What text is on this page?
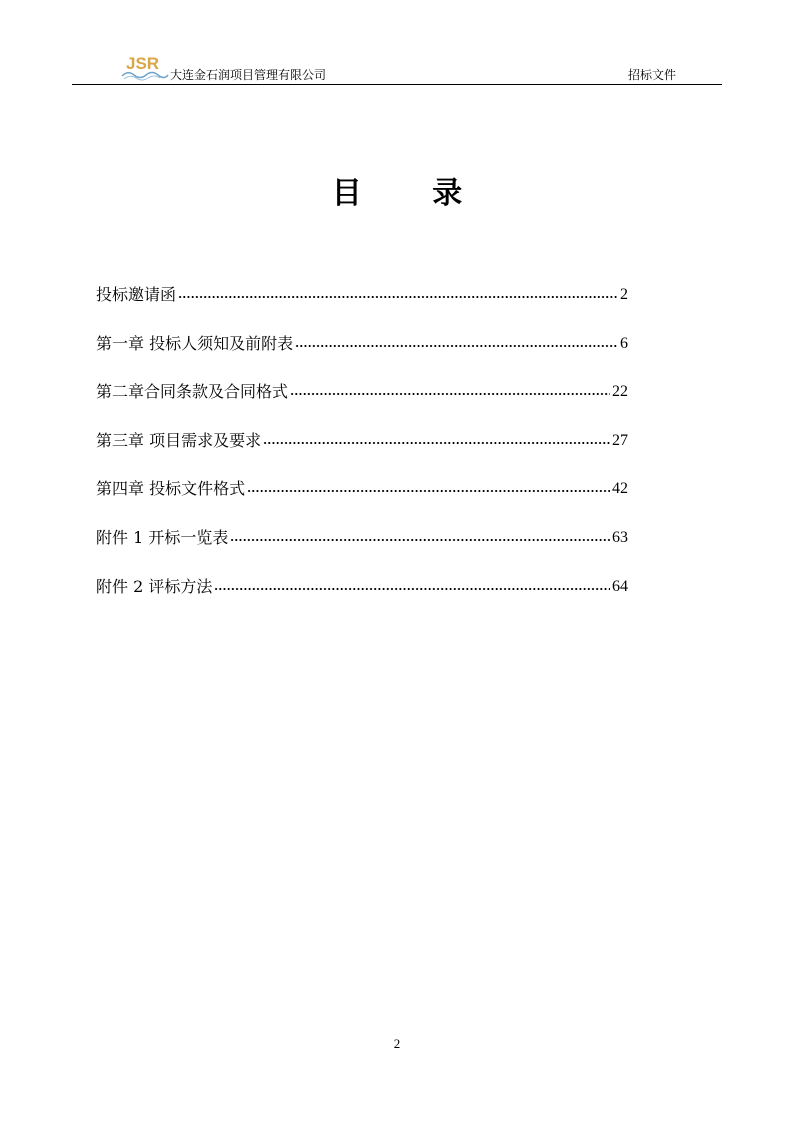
JSR
大连金石润项目管理有限公司	招标文件
目 录
投标邀请函	2
第一章 投标人须知及前附表	6
第二章合同条款及合同格式	22
第三章 项目需求及要求	27
第四章 投标文件格式	42
附件 1 开标一览表	63
附件 2 评标方法	64
2
